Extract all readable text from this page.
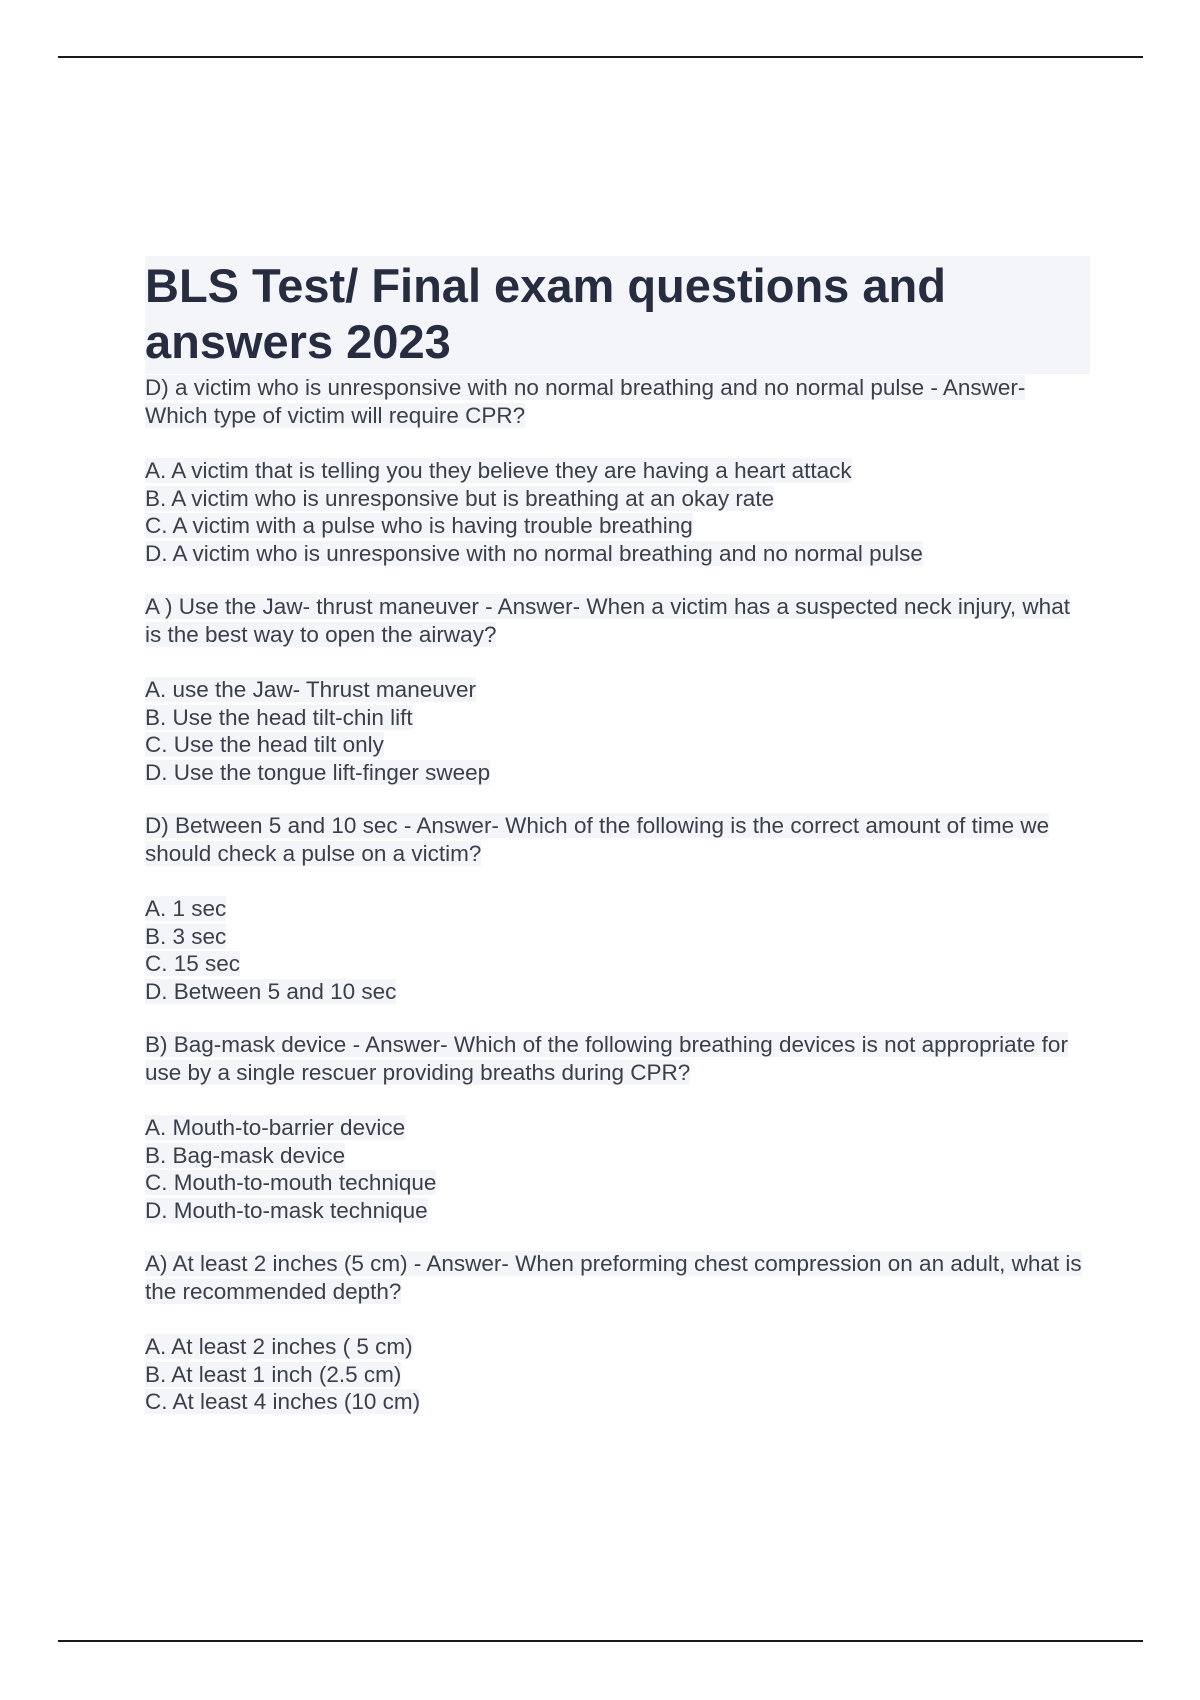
BLS Test/ Final exam questions and answers 2023

D) a victim who is unresponsive with no normal breathing and no normal pulse - Answer- Which type of victim will require CPR?

A. A victim that is telling you they believe they are having a heart attack
B. A victim who is unresponsive but is breathing at an okay rate
C. A victim with a pulse who is having trouble breathing
D. A victim who is unresponsive with no normal breathing and no normal pulse

A ) Use the Jaw- thrust maneuver - Answer- When a victim has a suspected neck injury, what is the best way to open the airway?

A. use the Jaw- Thrust maneuver
B. Use the head tilt-chin lift
C. Use the head tilt only
D. Use the tongue lift-finger sweep

D) Between 5 and 10 sec - Answer- Which of the following is the correct amount of time we should check a pulse on a victim?

A. 1 sec
B. 3 sec
C. 15 sec
D. Between 5 and 10 sec

B) Bag-mask device - Answer- Which of the following breathing devices is not appropriate for use by a single rescuer providing breaths during CPR?

A. Mouth-to-barrier device
B. Bag-mask device
C. Mouth-to-mouth technique
D. Mouth-to-mask technique

A) At least 2 inches (5 cm) - Answer- When preforming chest compression on an adult, what is the recommended depth?

A. At least 2 inches ( 5 cm)
B. At least 1 inch (2.5 cm)
C. At least 4 inches (10 cm)
